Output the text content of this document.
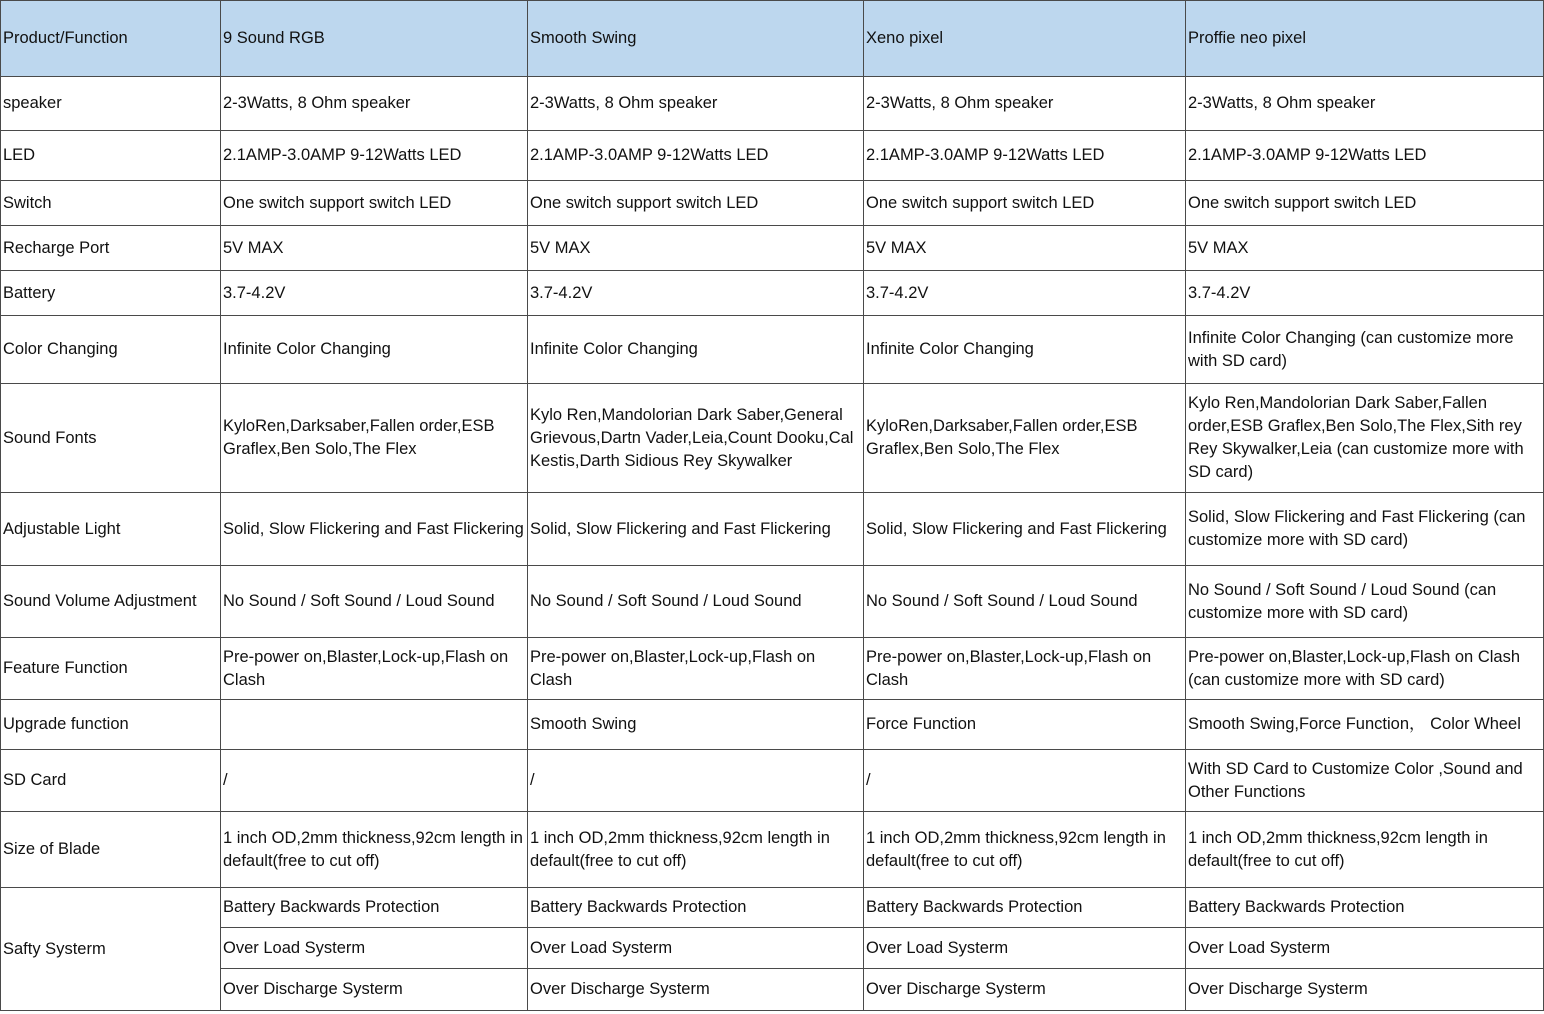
Product/Function	9 Sound RGB	Smooth Swing	Xeno pixel	Proffie neo pixel
speaker	2-3Watts, 8 Ohm speaker	2-3Watts, 8 Ohm speaker	2-3Watts, 8 Ohm speaker	2-3Watts, 8 Ohm speaker
LED	2.1AMP-3.0AMP 9-12Watts LED	2.1AMP-3.0AMP 9-12Watts LED	2.1AMP-3.0AMP 9-12Watts LED	2.1AMP-3.0AMP 9-12Watts LED
Switch	One switch support switch LED	One switch support switch LED	One switch support switch LED	One switch support switch LED
Recharge Port	5V MAX	5V MAX	5V MAX	5V MAX
Battery	3.7-4.2V	3.7-4.2V	3.7-4.2V	3.7-4.2V
Color Changing	Infinite Color Changing	Infinite Color Changing	Infinite Color Changing	Infinite Color Changing (can customize more with SD card)
Sound Fonts	KyloRen,Darksaber,Fallen order,ESB Graflex,Ben Solo,The Flex	Kylo Ren,Mandolorian Dark Saber,General Grievous,Dartn Vader,Leia,Count Dooku,Cal Kestis,Darth Sidious Rey Skywalker	KyloRen,Darksaber,Fallen order,ESB Graflex,Ben Solo,The Flex	Kylo Ren,Mandolorian Dark Saber,Fallen order,ESB Graflex,Ben Solo,The Flex,Sith rey Rey Skywalker,Leia (can customize more with SD card)
Adjustable Light	Solid, Slow Flickering and Fast Flickering	Solid, Slow Flickering and Fast Flickering	Solid, Slow Flickering and Fast Flickering	Solid, Slow Flickering and Fast Flickering (can customize more with SD card)
Sound Volume Adjustment	No Sound / Soft Sound / Loud Sound	No Sound / Soft Sound / Loud Sound	No Sound / Soft Sound / Loud Sound	No Sound / Soft Sound / Loud Sound (can customize more with SD card)
Feature Function	Pre-power on,Blaster,Lock-up,Flash on Clash	Pre-power on,Blaster,Lock-up,Flash on Clash	Pre-power on,Blaster,Lock-up,Flash on Clash	Pre-power on,Blaster,Lock-up,Flash on Clash (can customize more with SD card)
Upgrade function		Smooth Swing	Force Function	Smooth Swing,Force Function， Color Wheel
SD Card	/	/	/	With SD Card to Customize Color ,Sound and Other Functions
Size of Blade	1 inch OD,2mm thickness,92cm length in default(free to cut off)	1 inch OD,2mm thickness,92cm length in default(free to cut off)	1 inch OD,2mm thickness,92cm length in default(free to cut off)	1 inch OD,2mm thickness,92cm length in default(free to cut off)
Safty Systerm	Battery Backwards Protection	Battery Backwards Protection	Battery Backwards Protection	Battery Backwards Protection
	Over Load Systerm	Over Load Systerm	Over Load Systerm	Over Load Systerm
	Over Discharge Systerm	Over Discharge Systerm	Over Discharge Systerm	Over Discharge Systerm
